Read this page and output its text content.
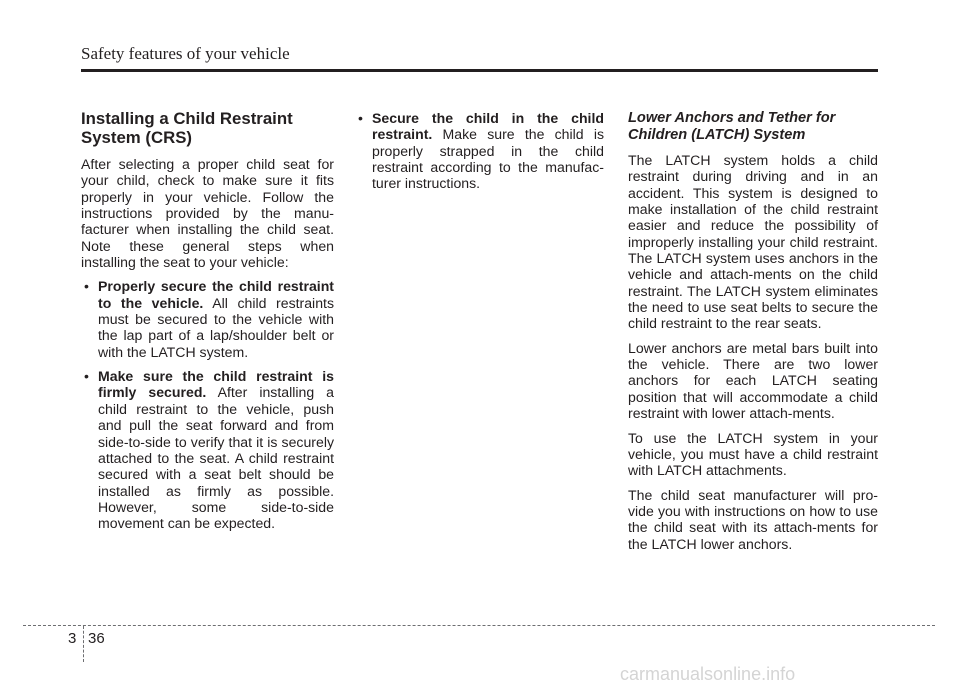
Safety features of your vehicle
Installing a Child Restraint System (CRS)

After selecting a proper child seat for your child, check to make sure it fits properly in your vehicle. Follow the instructions provided by the manu-facturer when installing the child seat. Note these general steps when installing the seat to your vehicle:

• Properly secure the child restraint to the vehicle. All child restraints must be secured to the vehicle with the lap part of a lap/shoulder belt or with the LATCH system.
• Make sure the child restraint is firmly secured. After installing a child restraint to the vehicle, push and pull the seat forward and from side-to-side to verify that it is securely attached to the seat. A child restraint secured with a seat belt should be installed as firmly as possible. However, some side-to-side movement can be expected.
• Secure the child in the child restraint. Make sure the child is properly strapped in the child restraint according to the manufac-turer instructions.
Lower Anchors and Tether for Children (LATCH) System

The LATCH system holds a child restraint during driving and in an accident. This system is designed to make installation of the child restraint easier and reduce the possibility of improperly installing your child restraint. The LATCH system uses anchors in the vehicle and attach-ments on the child restraint. The LATCH system eliminates the need to use seat belts to secure the child restraint to the rear seats.

Lower anchors are metal bars built into the vehicle. There are two lower anchors for each LATCH seating position that will accommodate a child restraint with lower attach-ments.

To use the LATCH system in your vehicle, you must have a child restraint with LATCH attachments.

The child seat manufacturer will pro-vide you with instructions on how to use the child seat with its attach-ments for the LATCH lower anchors.

3 36
carmanualsonline.info
